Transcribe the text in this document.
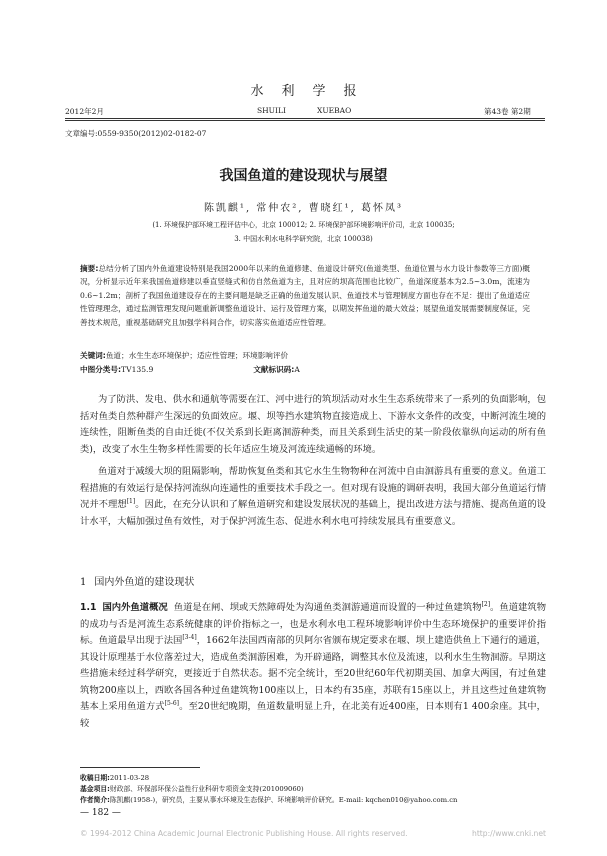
水利学报
2012年2月	SHUILI	XUEBAO	第43卷 第2期
文章编号:0559-9350(2012)02-0182-07
我国鱼道的建设现状与展望
陈凯麒¹, 常仲农², 曹晓红¹, 葛怀凤³
(1. 环境保护部环境工程评估中心，北京 100012; 2. 环境保护部环境影响评价司，北京 100035;
3. 中国水利水电科学研究院，北京 100038)
摘要:总结分析了国内外鱼道建设特别是我国2000年以来的鱼道修建、鱼道设计研究(鱼道类型、鱼道位置与水力设计参数等三方面)概况，分析显示近年来我国鱼道修建以垂直竖缝式和仿自然鱼道为主，且对应的坝高范围也比较广，鱼道深度基本为2.5~3.0m，流速为0.6~1.2m；剖析了我国鱼道建设存在的主要问题是缺乏正确的鱼道发展认识、鱼道技术与管理制度方面也存在不足：提出了鱼道适应性管理理念，通过监测管理发现问题重新调整鱼道设计、运行及管理方案，以期发挥鱼道的最大效益；展望鱼道发展需要制度保证，完善技术规范，重视基础研究且加强学科间合作，切实落实鱼道适应性管理。
关键词:鱼道；水生生态环境保护；适应性管理；环境影响评价
中图分类号:TV135.9	文献标识码:A

为了防洪、发电、供水和通航等需要在江、河中进行的筑坝活动对水生生态系统带来了一系列的负面影响，包括对鱼类自然种群产生深远的负面效应。堰、坝等挡水建筑物直接造成上、下游水文条件的改变，中断河流生境的连续性，阻断鱼类的自由迁徙(不仅关系到长距离洄游种类，而且关系到生活史的某一阶段依靠纵向运动的所有鱼类)，改变了水生生物多样性需要的长年适应生境及河流连续通畅的环境。

鱼道对于减缓大坝的阻隔影响，帮助恢复鱼类和其它水生生物物种在河流中自由洄游具有重要的意义。鱼道工程措施的有效运行是保持河流纵向连通性的重要技术手段之一。但对现有设施的调研表明，我国大部分鱼道运行情况并不理想[1]。因此，在充分认识和了解鱼道研究和建设发展状况的基础上，提出改进方法与措施、提高鱼道的设计水平，大幅加强过鱼有效性，对于保护河流生态、促进水利水电可持续发展具有重要意义。

1 国内外鱼道的建设现状

1.1 国内外鱼道概况 鱼道是在闸、坝或天然障碍处为沟通鱼类洄游通道而设置的一种过鱼建筑物[2]。鱼道建筑物的成功与否是河流生态系统健康的评价指标之一，也是水利水电工程环境影响评价中生态环境保护的重要评价指标。鱼道最早出现于法国[3-4]，1662年法国西南部的贝阿尔省颁布规定要求在堰、坝上建造供鱼上下通行的通道，其设计原理基于水位落差过大，造成鱼类洄游困难，为开辟通路，调整其水位及流速，以利水生生物洄游。早期这些措施未经过科学研究，更接近于自然状态。据不完全统计，至20世纪60年代初期美国、加拿大两国，有过鱼建筑物200座以上，西欧各国各种过鱼建筑物100座以上，日本约有35座，苏联有15座以上，并且这些过鱼建筑物基本上采用鱼道方式[5-6]。至20世纪晚期，鱼道数量明显上升，在北美有近400座，日本则有1 400余座。其中，较

收稿日期:2011-03-28
基金项目:财政部、环保部环保公益性行业科研专项资金支持(201009060)
作者简介:陈凯麒(1958-)，研究员，主要从事水环境及生态保护、环境影响评价研究。E-mail: kqchen010@yahoo.com.cn
— 182 —
© 1994-2012 China Academic Journal Electronic Publishing House. All rights reserved.	http://www.cnki.net
